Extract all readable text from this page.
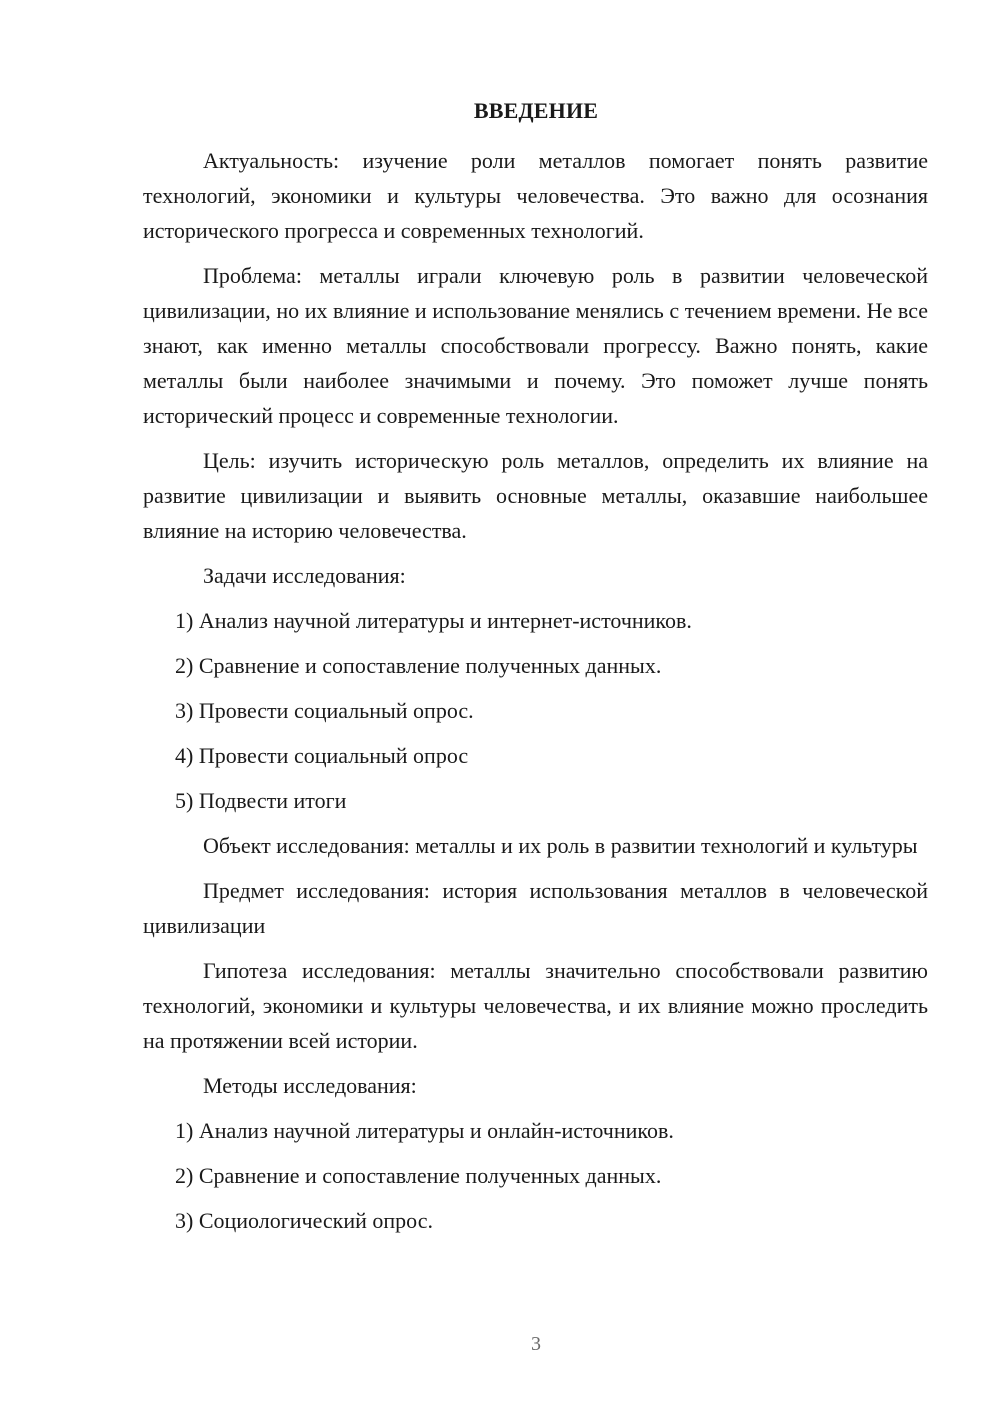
ВВЕДЕНИЕ

Актуальность: изучение роли металлов помогает понять развитие технологий, экономики и культуры человечества. Это важно для осознания исторического прогресса и современных технологий.

Проблема: металлы играли ключевую роль в развитии человеческой цивилизации, но их влияние и использование менялись с течением времени. Не все знают, как именно металлы способствовали прогрессу. Важно понять, какие металлы были наиболее значимыми и почему. Это поможет лучше понять исторический процесс и современные технологии.

Цель: изучить историческую роль металлов, определить их влияние на развитие цивилизации и выявить основные металлы, оказавшие наибольшее влияние на историю человечества.

Задачи исследования:

1) Анализ научной литературы и интернет-источников.
2) Сравнение и сопоставление полученных данных.
3) Провести социальный опрос.
4) Провести социальный опрос
5) Подвести итоги

Объект исследования: металлы и их роль в развитии технологий и культуры

Предмет исследования: история использования металлов в человеческой цивилизации

Гипотеза исследования: металлы значительно способствовали развитию технологий, экономики и культуры человечества, и их влияние можно проследить на протяжении всей истории.

Методы исследования:

1) Анализ научной литературы и онлайн-источников.
2) Сравнение и сопоставление полученных данных.
3) Социологический опрос.
3
